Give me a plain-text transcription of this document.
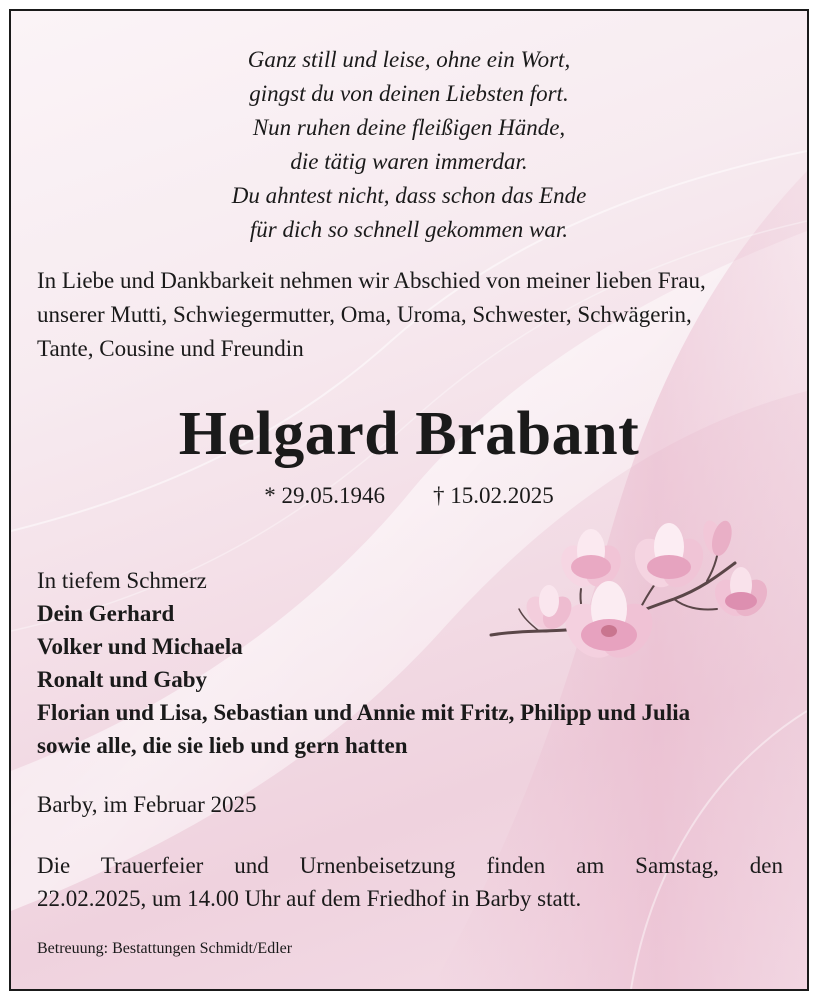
Ganz still und leise, ohne ein Wort,
gingst du von deinen Liebsten fort.
Nun ruhen deine fleißigen Hände,
die tätig waren immerdar.
Du ahntest nicht, dass schon das Ende
für dich so schnell gekommen war.
In Liebe und Dankbarkeit nehmen wir Abschied von meiner lieben Frau,
unserer Mutti, Schwiegermutter, Oma, Uroma, Schwester, Schwägerin,
Tante, Cousine und Freundin
Helgard Brabant
* 29.05.1946 † 15.02.2025
In tiefem Schmerz
Dein Gerhard
Volker und Michaela
Ronalt und Gaby
Florian und Lisa, Sebastian und Annie mit Fritz, Philipp und Julia
sowie alle, die sie lieb und gern hatten
Barby, im Februar 2025
Die Trauerfeier und Urnenbeisetzung finden am Samstag, den
22.02.2025, um 14.00 Uhr auf dem Friedhof in Barby statt.
Betreuung: Bestattungen Schmidt/Edler
